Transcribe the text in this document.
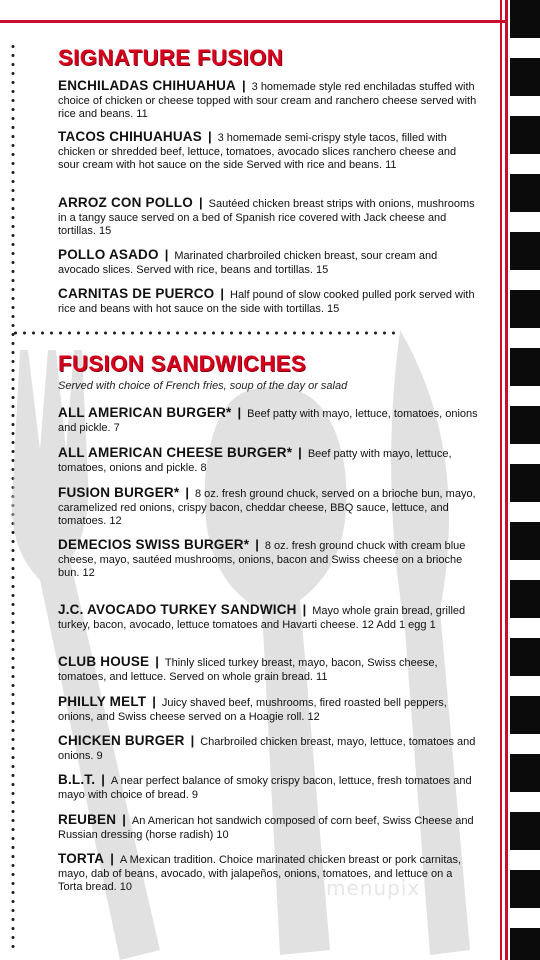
SIGNATURE FUSION
ENCHILADAS CHIHUAHUA | 3 homemade style red enchiladas stuffed with choice of chicken or cheese topped with sour cream and ranchero cheese served with rice and beans. 11
TACOS CHIHUAHUAS | 3 homemade semi-crispy style tacos, filled with chicken or shredded beef, lettuce, tomatoes, avocado slices ranchero cheese and sour cream with hot sauce on the side Served with rice and beans. 11
ARROZ CON POLLO | Sautéed chicken breast strips with onions, mushrooms in a tangy sauce served on a bed of Spanish rice covered with Jack cheese and tortillas. 15
POLLO ASADO | Marinated charbroiled chicken breast, sour cream and avocado slices. Served with rice, beans and tortillas. 15
CARNITAS DE PUERCO | Half pound of slow cooked pulled pork served with rice and beans with hot sauce on the side with tortillas. 15
FUSION SANDWICHES

Served with choice of French fries, soup of the day or salad

ALL AMERICAN BURGER* | Beef patty with mayo, lettuce, tomatoes, onions and pickle. 7
ALL AMERICAN CHEESE BURGER* | Beef patty with mayo, lettuce, tomatoes, onions and pickle. 8
FUSION BURGER* | 8 oz. fresh ground chuck, served on a brioche bun, mayo, caramelized red onions, crispy bacon, cheddar cheese, BBQ sauce, lettuce, and tomatoes. 12
DEMECIOS SWISS BURGER* | 8 oz. fresh ground chuck with cream blue cheese, mayo, sautéed mushrooms, onions, bacon and Swiss cheese on a brioche bun. 12
J.C. AVOCADO TURKEY SANDWICH | Mayo whole grain bread, grilled turkey, bacon, avocado, lettuce tomatoes and Havarti cheese. 12 Add 1 egg 1
CLUB HOUSE | Thinly sliced turkey breast, mayo, bacon, Swiss cheese, tomatoes, and lettuce. Served on whole grain bread. 11
PHILLY MELT | Juicy shaved beef, mushrooms, fired roasted bell peppers, onions, and Swiss cheese served on a Hoagie roll. 12
CHICKEN BURGER | Charbroiled chicken breast, mayo, lettuce, tomatoes and onions. 9
B.L.T. | A near perfect balance of smoky crispy bacon, lettuce, fresh tomatoes and mayo with choice of bread. 9
REUBEN | An American hot sandwich composed of corn beef, Swiss Cheese and Russian dressing (horse radish) 10
TORTA | A Mexican tradition. Choice marinated chicken breast or pork carnitas, mayo, dab of beans, avocado, with jalapeños, onions, tomatoes, and lettuce on a Torta bread. 10	menupix
